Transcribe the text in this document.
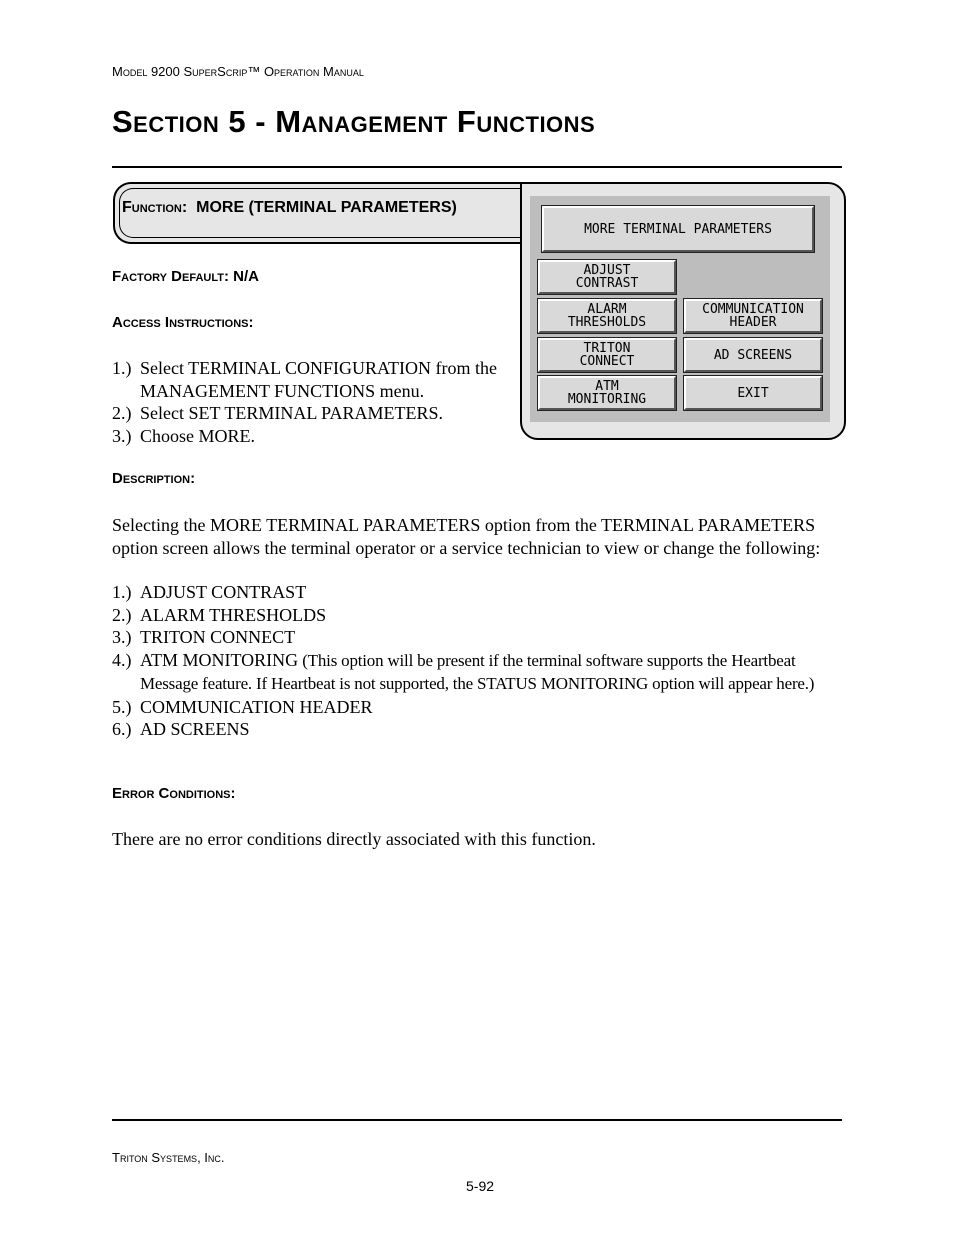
Model 9200 SuperScrip™ Operation Manual
Section 5 - Management Functions
Function: MORE (TERMINAL PARAMETERS)
MORE TERMINAL PARAMETERS
ADJUST
CONTRAST
ALARM
THRESHOLDS
COMMUNICATION
HEADER
TRITON
CONNECT	AD SCREENS
ATM
MONITORING	EXIT
Factory Default: N/A
Access Instructions:
1.) Select TERMINAL CONFIGURATION from the MANAGEMENT FUNCTIONS menu.
2.) Select SET TERMINAL PARAMETERS.
3.) Choose MORE.
Description:
Selecting the MORE TERMINAL PARAMETERS option from the TERMINAL PARAMETERS option screen allows the terminal operator or a service technician to view or change the following:
1.) ADJUST CONTRAST
2.) ALARM THRESHOLDS
3.) TRITON CONNECT
4.) ATM MONITORING (This option will be present if the terminal software supports the Heartbeat Message feature. If Heartbeat is not supported, the STATUS MONITORING option will appear here.)
5.) COMMUNICATION HEADER
6.) AD SCREENS
Error Conditions:
There are no error conditions directly associated with this function.
Triton Systems, Inc.
5-92
